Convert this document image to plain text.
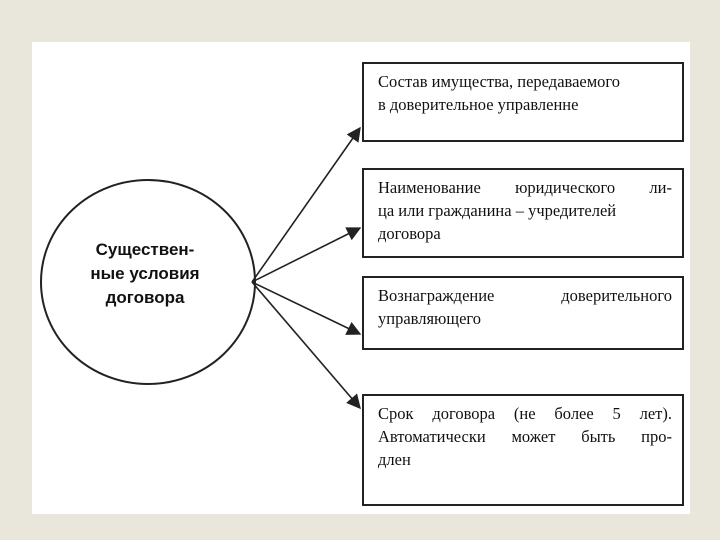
Существен-
ные условия
договора
Состав имущества, передаваемого
в доверительное управленне
Наименование юридического ли-
ца или гражданина – учредителей
договора
Вознаграждение доверительного
управляющего
Срок договора (не более 5 лет).
Автоматически может быть про-
длен
